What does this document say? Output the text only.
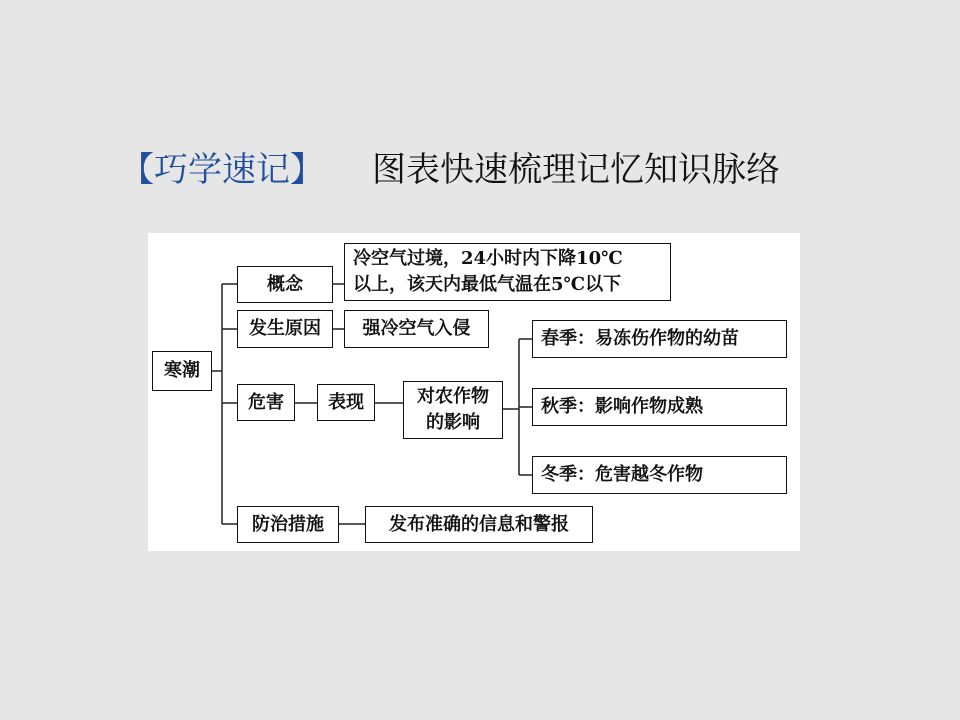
【巧学速记】 图表快速梳理记忆知识脉络
寒潮
概念
冷空气过境，24小时内下降10℃
以上，该天内最低气温在5℃以下
发生原因	强冷空气入侵
危害	表现	对农作物
的影响
春季：易冻伤作物的幼苗
秋季：影响作物成熟
冬季：危害越冬作物
防治措施	发布准确的信息和警报
